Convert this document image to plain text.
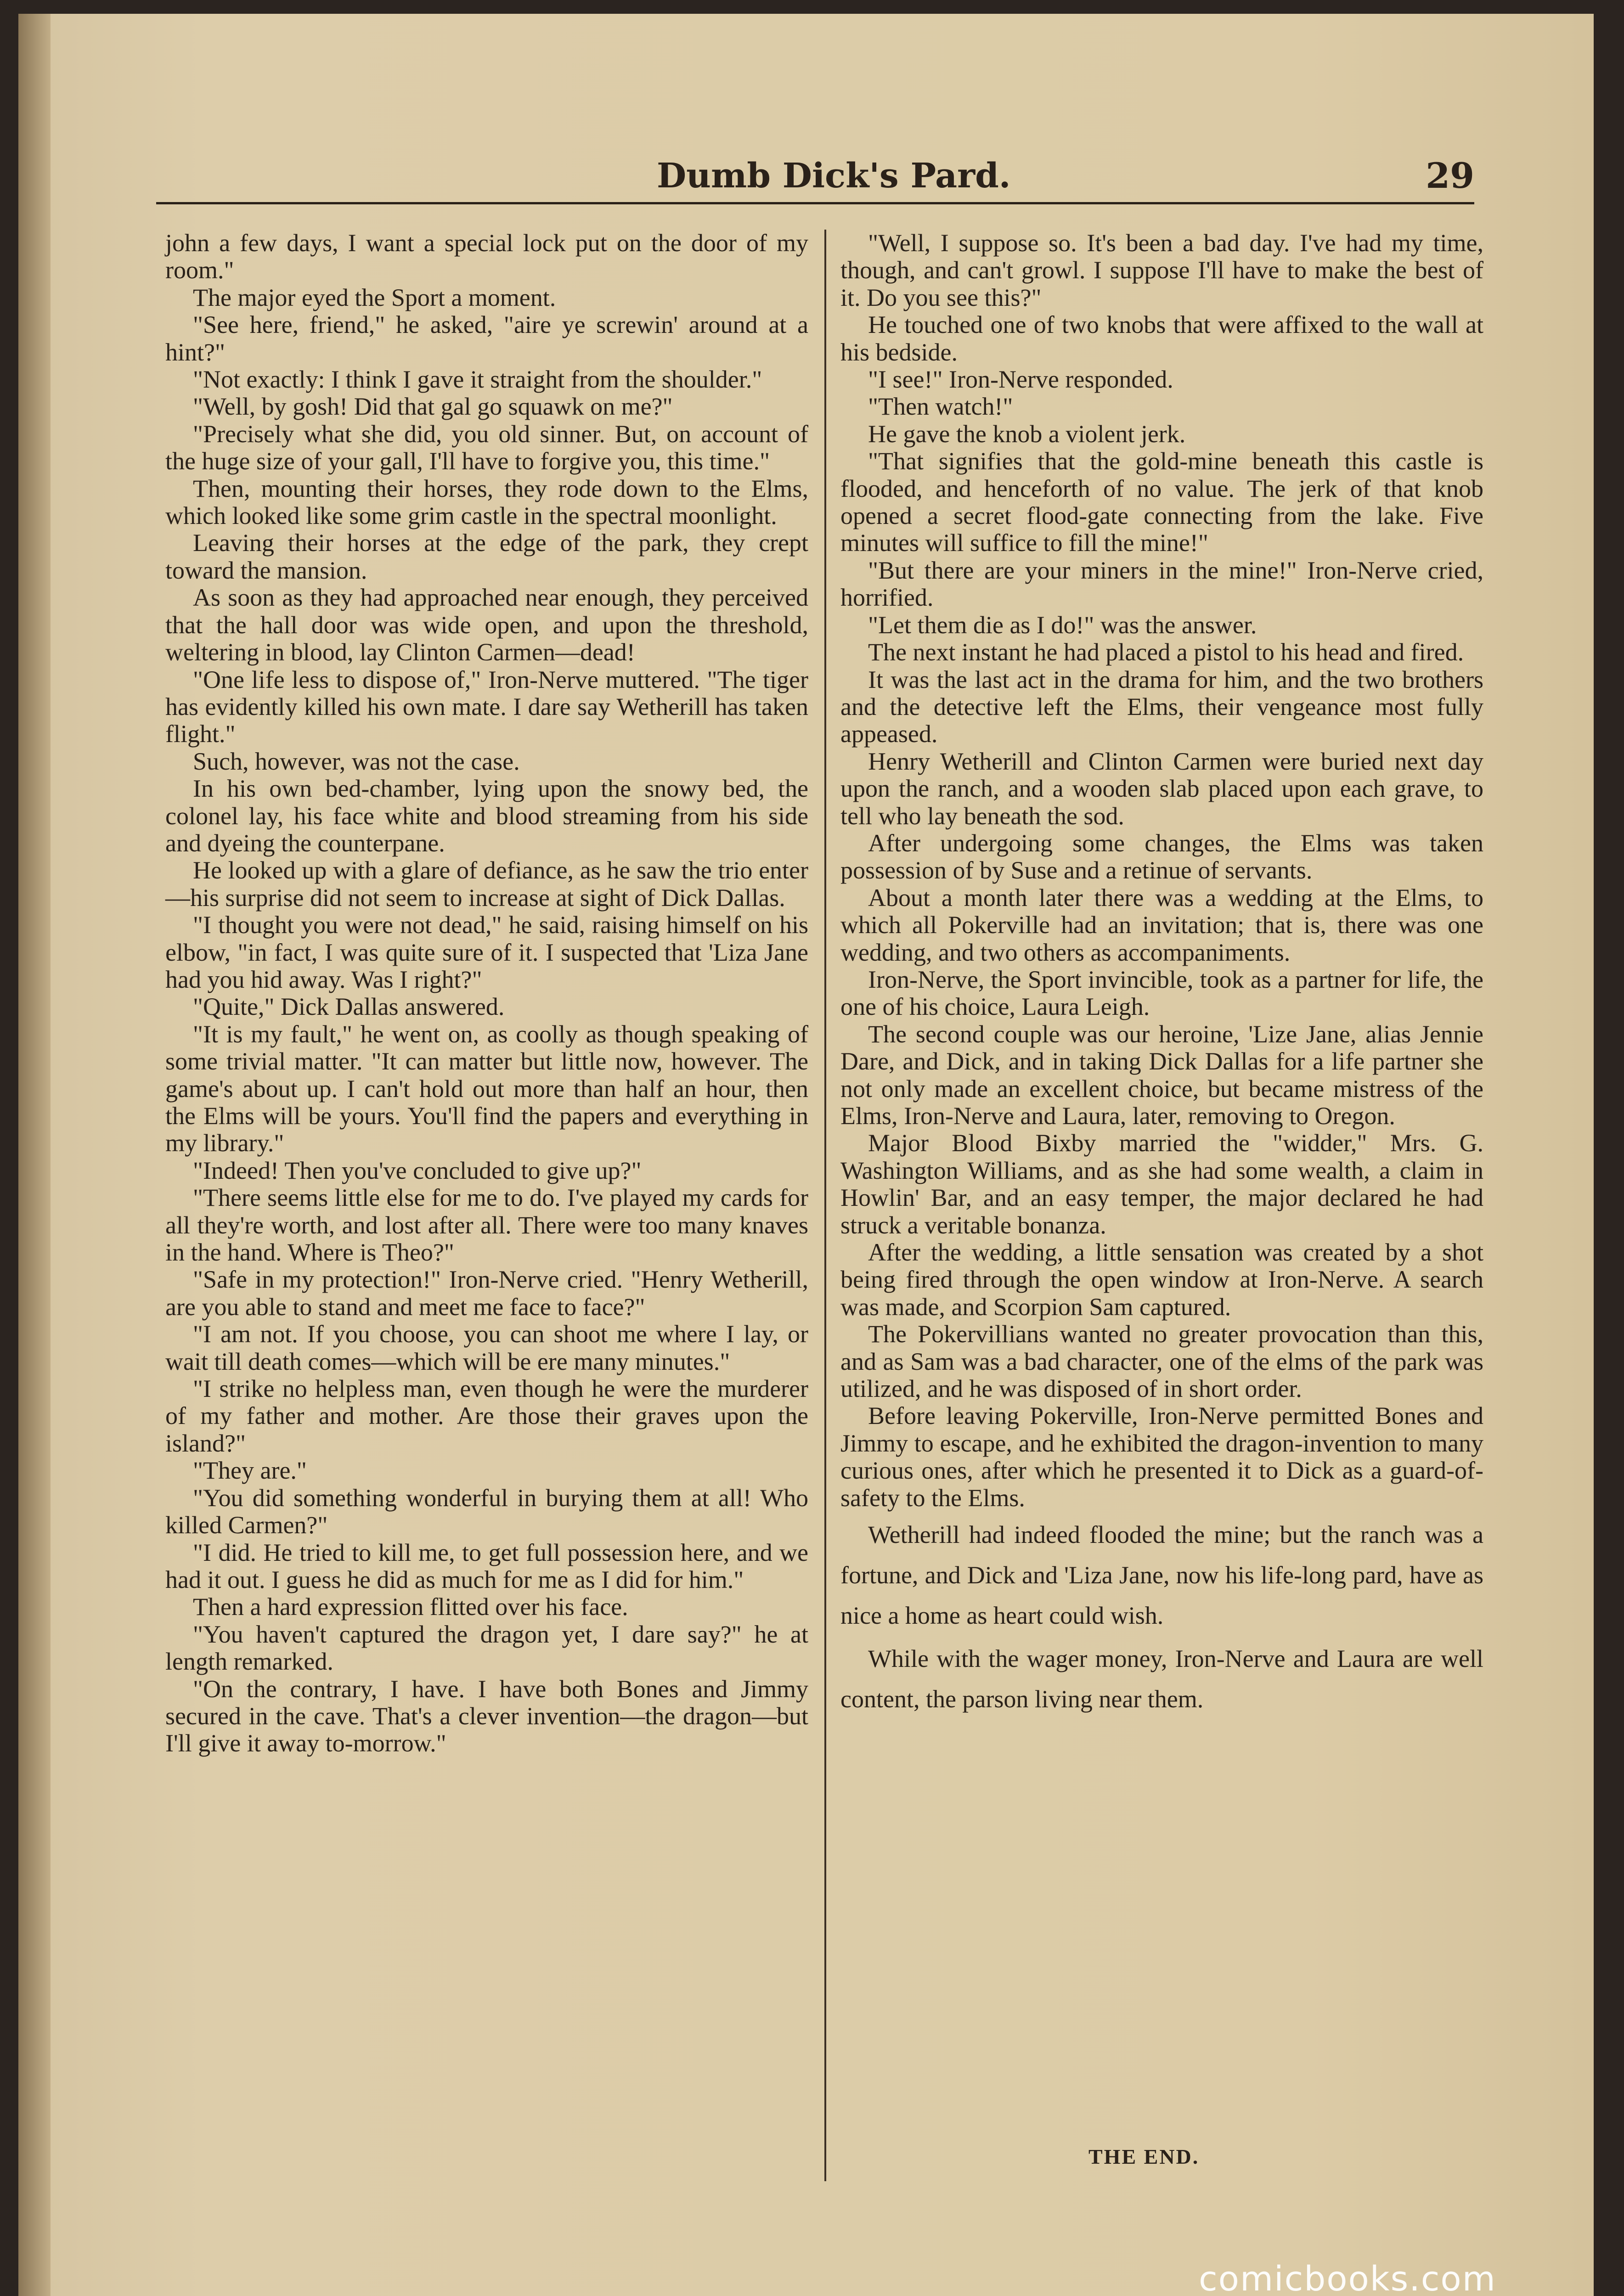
Dumb Dick's Pard.	29

john a few days, I want a special lock put on the door of my room."

The major eyed the Sport a moment.

"See here, friend," he asked, "aire ye screwin' around at a hint?"

"Not exactly: I think I gave it straight from the shoulder."

"Well, by gosh! Did that gal go squawk on me?"

"Precisely what she did, you old sinner. But, on account of the huge size of your gall, I'll have to forgive you, this time."

Then, mounting their horses, they rode down to the Elms, which looked like some grim castle in the spectral moonlight.

Leaving their horses at the edge of the park, they crept toward the mansion.

As soon as they had approached near enough, they perceived that the hall door was wide open, and upon the threshold, weltering in blood, lay Clinton Carmen—dead!

"One life less to dispose of," Iron-Nerve muttered. "The tiger has evidently killed his own mate. I dare say Wetherill has taken flight."

Such, however, was not the case.

In his own bed-chamber, lying upon the snowy bed, the colonel lay, his face white and blood streaming from his side and dyeing the counterpane.

He looked up with a glare of defiance, as he saw the trio enter—his surprise did not seem to increase at sight of Dick Dallas.

"I thought you were not dead," he said, raising himself on his elbow, "in fact, I was quite sure of it. I suspected that 'Liza Jane had you hid away. Was I right?"

"Quite," Dick Dallas answered.

"It is my fault," he went on, as coolly as though speaking of some trivial matter. "It can matter but little now, however. The game's about up. I can't hold out more than half an hour, then the Elms will be yours. You'll find the papers and everything in my library."

"Indeed! Then you've concluded to give up?"

"There seems little else for me to do. I've played my cards for all they're worth, and lost after all. There were too many knaves in the hand. Where is Theo?"

"Safe in my protection!" Iron-Nerve cried. "Henry Wetherill, are you able to stand and meet me face to face?"

"I am not. If you choose, you can shoot me where I lay, or wait till death comes—which will be ere many minutes."

"I strike no helpless man, even though he were the murderer of my father and mother. Are those their graves upon the island?"

"They are."

"You did something wonderful in burying them at all! Who killed Carmen?"

"I did. He tried to kill me, to get full possession here, and we had it out. I guess he did as much for me as I did for him."

Then a hard expression flitted over his face.

"You haven't captured the dragon yet, I dare say?" he at length remarked.

"On the contrary, I have. I have both Bones and Jimmy secured in the cave. That's a clever invention—the dragon—but I'll give it away to-morrow."

"Well, I suppose so. It's been a bad day. I've had my time, though, and can't growl. I suppose I'll have to make the best of it. Do you see this?"

He touched one of two knobs that were affixed to the wall at his bedside.

"I see!" Iron-Nerve responded.

"Then watch!"

He gave the knob a violent jerk.

"That signifies that the gold-mine beneath this castle is flooded, and henceforth of no value. The jerk of that knob opened a secret flood-gate connecting from the lake. Five minutes will suffice to fill the mine!"

"But there are your miners in the mine!" Iron-Nerve cried, horrified.

"Let them die as I do!" was the answer.

The next instant he had placed a pistol to his head and fired.

It was the last act in the drama for him, and the two brothers and the detective left the Elms, their vengeance most fully appeased.

Henry Wetherill and Clinton Carmen were buried next day upon the ranch, and a wooden slab placed upon each grave, to tell who lay beneath the sod.

After undergoing some changes, the Elms was taken possession of by Suse and a retinue of servants.

About a month later there was a wedding at the Elms, to which all Pokerville had an invitation; that is, there was one wedding, and two others as accompaniments.

Iron-Nerve, the Sport invincible, took as a partner for life, the one of his choice, Laura Leigh.

The second couple was our heroine, 'Lize Jane, alias Jennie Dare, and Dick, and in taking Dick Dallas for a life partner she not only made an excellent choice, but became mistress of the Elms, Iron-Nerve and Laura, later, removing to Oregon.

Major Blood Bixby married the "widder," Mrs. G. Washington Williams, and as she had some wealth, a claim in Howlin' Bar, and an easy temper, the major declared he had struck a veritable bonanza.

After the wedding, a little sensation was created by a shot being fired through the open window at Iron-Nerve. A search was made, and Scorpion Sam captured.

The Pokervillians wanted no greater provocation than this, and as Sam was a bad character, one of the elms of the park was utilized, and he was disposed of in short order.

Before leaving Pokerville, Iron-Nerve permitted Bones and Jimmy to escape, and he exhibited the dragon-invention to many curious ones, after which he presented it to Dick as a guard-of-safety to the Elms.

Wetherill had indeed flooded the mine; but the ranch was a fortune, and Dick and 'Liza Jane, now his life-long pard, have as nice a home as heart could wish.

While with the wager money, Iron-Nerve and Laura are well content, the parson living near them.

THE END.
comicbooks.com
